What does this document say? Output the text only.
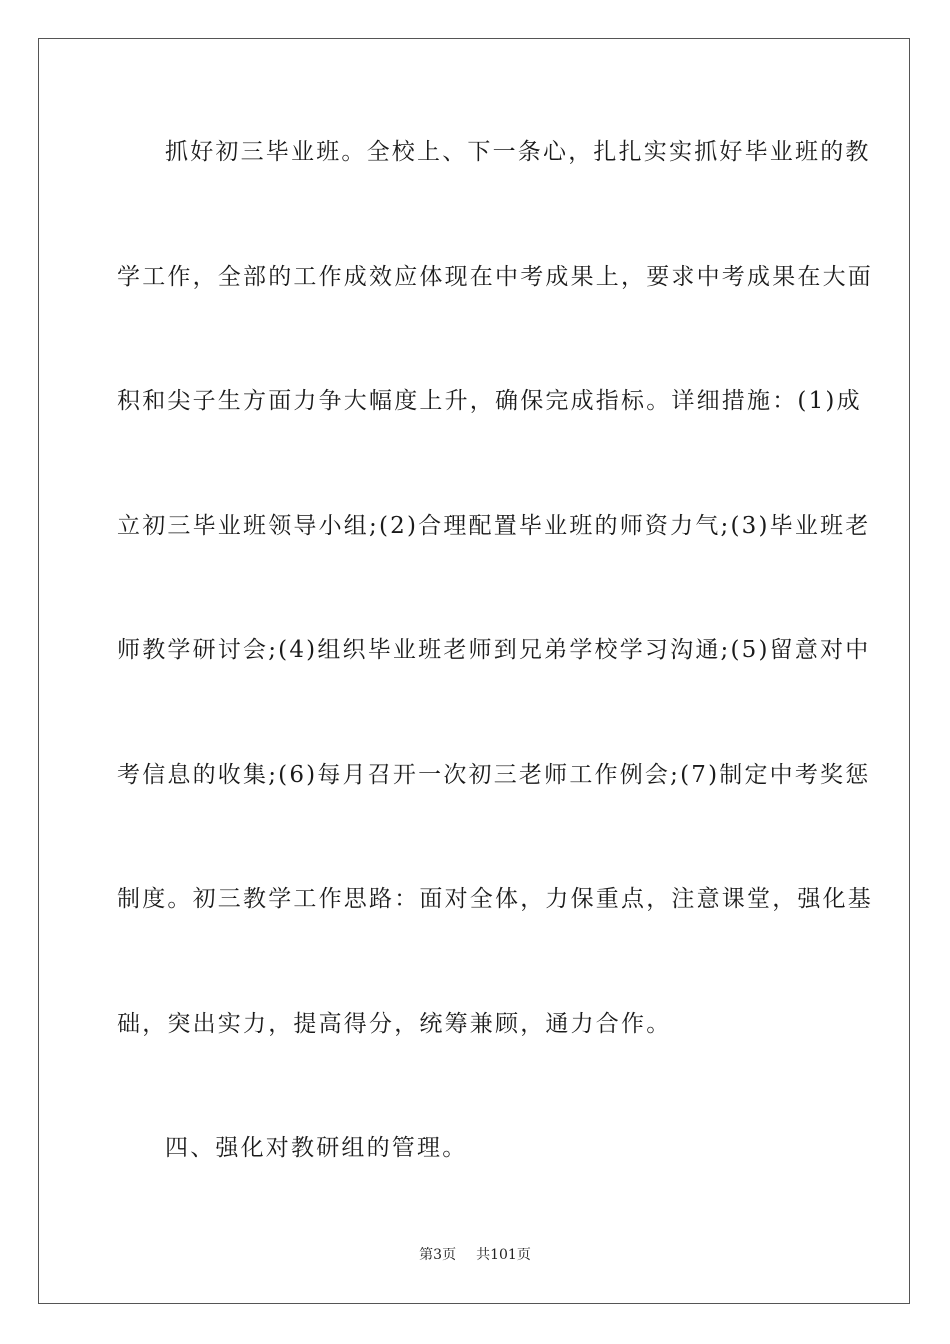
抓好初三毕业班。全校上、下一条心，扎扎实实抓好毕业班的教
学工作，全部的工作成效应体现在中考成果上，要求中考成果在大面
积和尖子生方面力争大幅度上升，确保完成指标。详细措施：(1)成
立初三毕业班领导小组;(2)合理配置毕业班的师资力气;(3)毕业班老
师教学研讨会;(4)组织毕业班老师到兄弟学校学习沟通;(5)留意对中
考信息的收集;(6)每月召开一次初三老师工作例会;(7)制定中考奖惩
制度。初三教学工作思路：面对全体，力保重点，注意课堂，强化基
础，突出实力，提高得分，统筹兼顾，通力合作。
四、强化对教研组的管理。
第3页 共101页
